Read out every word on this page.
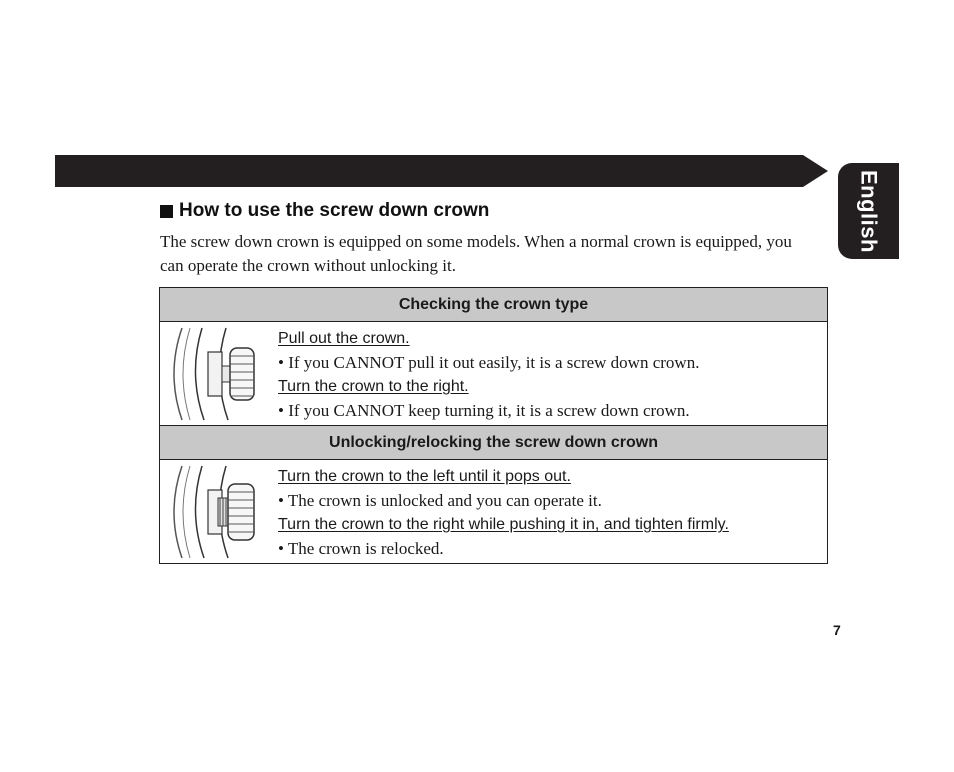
English
How to use the screw down crown

The screw down crown is equipped on some models. When a normal crown is equipped, you can operate the crown without unlocking it.

Checking the crown type
Pull out the crown.
• If you CANNOT pull it out easily, it is a screw down crown.
Turn the crown to the right.
• If you CANNOT keep turning it, it is a screw down crown.
Unlocking/relocking the screw down crown
Turn the crown to the left until it pops out.
• The crown is unlocked and you can operate it.
Turn the crown to the right while pushing it in, and tighten firmly.
• The crown is relocked.
7
